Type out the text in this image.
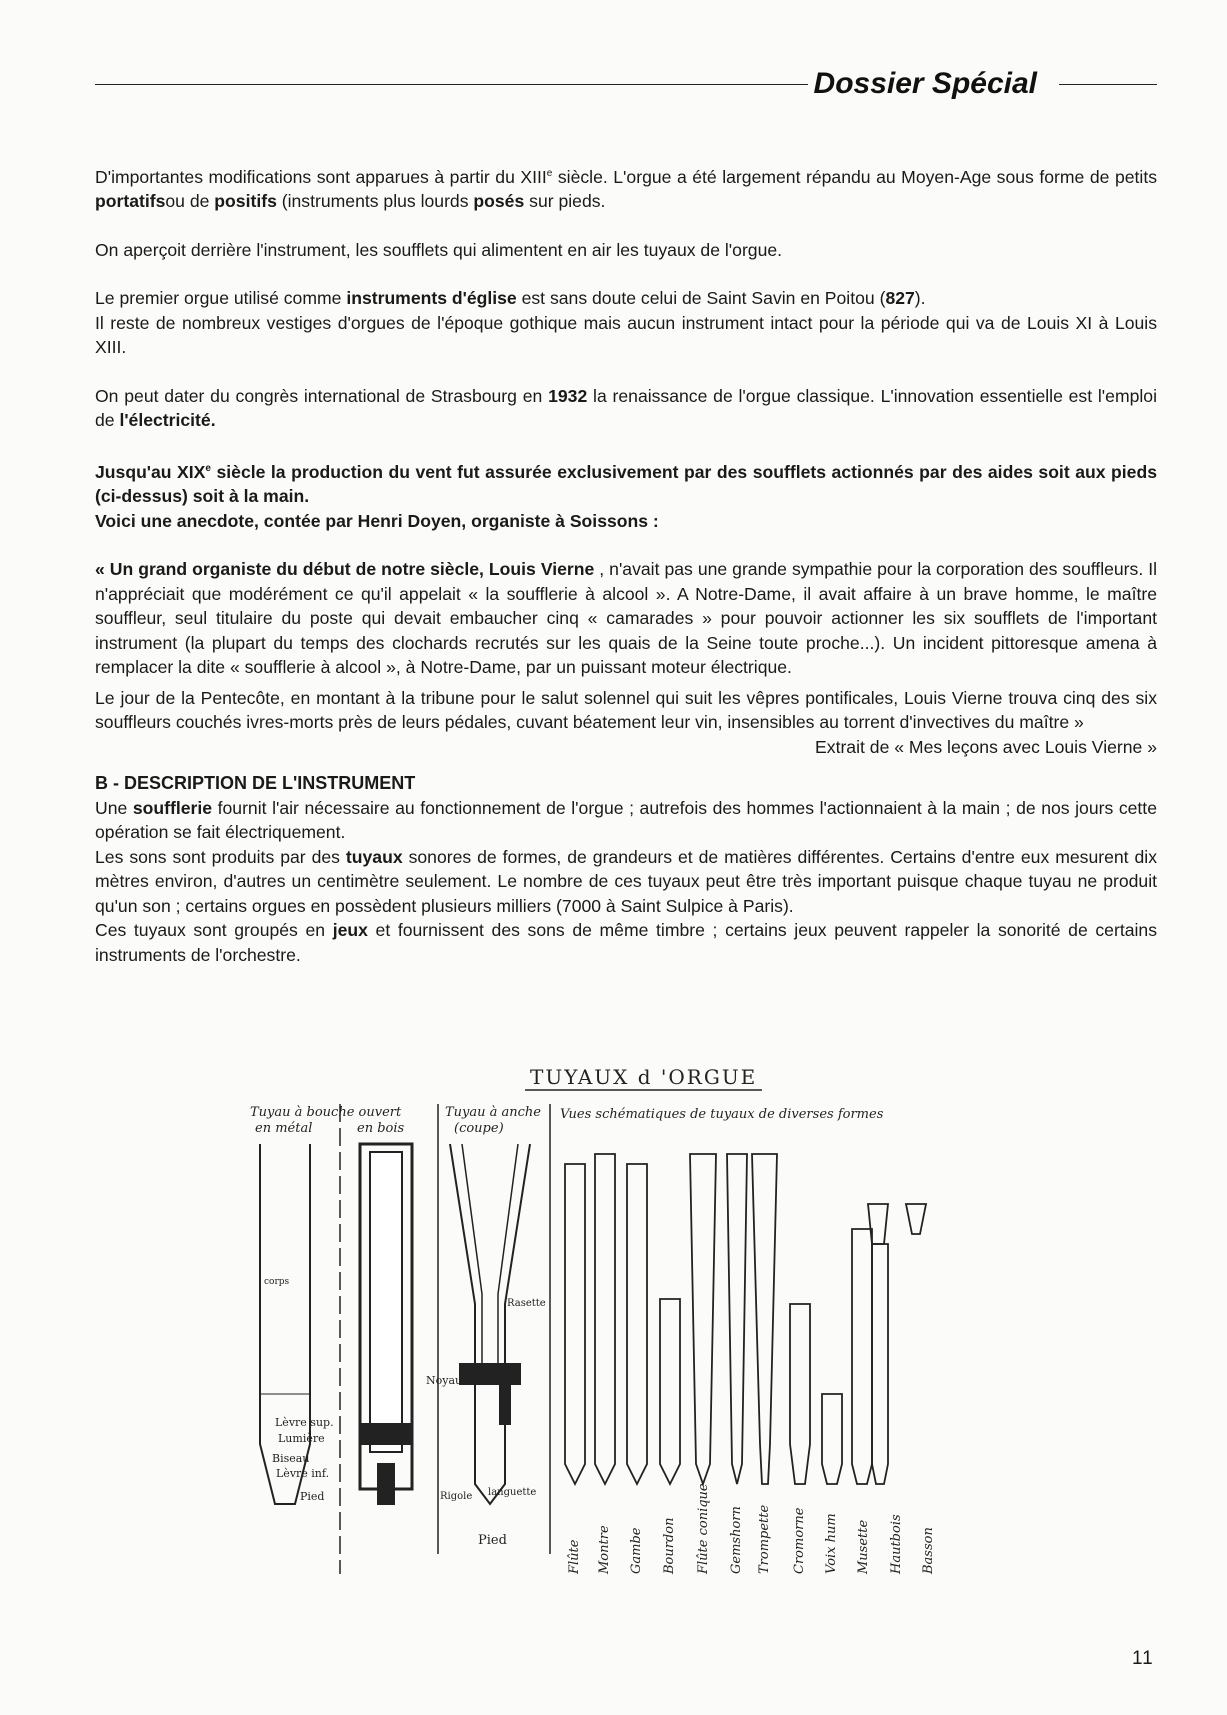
Dossier Spécial

D'importantes modifications sont apparues à partir du XIIIe siècle. L'orgue a été largement répandu au Moyen-Age sous forme de petits portatifsou de positifs (instruments plus lourds posés sur pieds.

On aperçoit derrière l'instrument, les soufflets qui alimentent en air les tuyaux de l'orgue.

Le premier orgue utilisé comme instruments d'église est sans doute celui de Saint Savin en Poitou (827).
Il reste de nombreux vestiges d'orgues de l'époque gothique mais aucun instrument intact pour la période qui va de Louis XI à Louis XIII.

On peut dater du congrès international de Strasbourg en 1932 la renaissance de l'orgue classique. L'innovation essentielle est l'emploi de l'électricité.

Jusqu'au XIXe siècle la production du vent fut assurée exclusivement par des soufflets actionnés par des aides soit aux pieds (ci-dessus) soit à la main.
Voici une anecdote, contée par Henri Doyen, organiste à Soissons :

« Un grand organiste du début de notre siècle, Louis Vierne , n'avait pas une grande sympathie pour la corporation des souffleurs. Il n'appréciait que modérément ce qu'il appelait « la soufflerie à alcool ». A Notre-Dame, il avait affaire à un brave homme, le maître souffleur, seul titulaire du poste qui devait embaucher cinq « camarades » pour pouvoir actionner les six soufflets de l'important instrument (la plupart du temps des clochards recrutés sur les quais de la Seine toute proche...). Un incident pittoresque amena à remplacer la dite « soufflerie à alcool », à Notre-Dame, par un puissant moteur électrique.

Le jour de la Pentecôte, en montant à la tribune pour le salut solennel qui suit les vêpres pontificales, Louis Vierne trouva cinq des six souffleurs couchés ivres-morts près de leurs pédales, cuvant béatement leur vin, insensibles au torrent d'invectives du maître »

Extrait de « Mes leçons avec Louis Vierne »

B - DESCRIPTION DE L'INSTRUMENT

Une soufflerie fournit l'air nécessaire au fonctionnement de l'orgue ; autrefois des hommes l'actionnaient à la main ; de nos jours cette opération se fait électriquement.
Les sons sont produits par des tuyaux sonores de formes, de grandeurs et de matières différentes. Certains d'entre eux mesurent dix mètres environ, d'autres un centimètre seulement. Le nombre de ces tuyaux peut être très important puisque chaque tuyau ne produit qu'un son ; certains orgues en possèdent plusieurs milliers (7000 à Saint Sulpice à Paris).
Ces tuyaux sont groupés en jeux et fournissent des sons de même timbre ; certains jeux peuvent rappeler la sonorité de certains instruments de l'orchestre.

TUYAUX d 'ORGUE
Tuyau à bouche ouvert
en métal	en bois
Tuyau à anche
(coupe)
Vues schématiques de tuyaux de diverses formes
corps
Lèvre sup.
Lumière
Biseau
Lèvre inf.
Pied
Rasette
Noyau
Rigole languette
Pied	Flûte Montre Gambe Bourdon Flûte conique Gemshorn Trompette Cromorne Voix hum Musette Hautbois Basson
11
